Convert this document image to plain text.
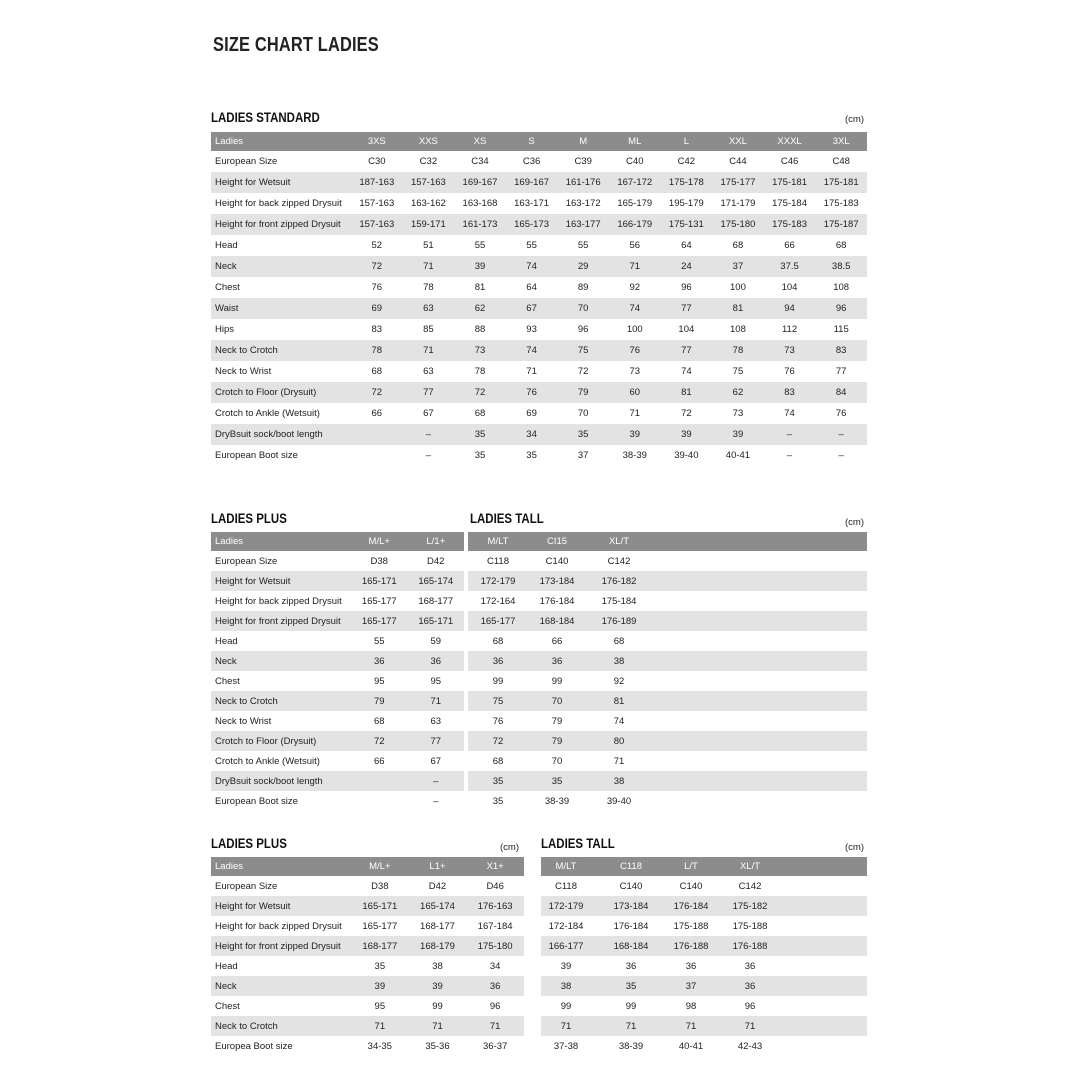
SIZE CHART LADIES
LADIES STANDARD	(cm)
Ladies	3XS	XXS	XS	S	M	ML	L	XXL	XXXL	3XL
European Size	C30	C32	C34	C36	C39	C40	C42	C44	C46	C48
Height for Wetsuit	187-163	157-163	169-167	169-167	161-176	167-172	175-178	175-177	175-181	175-181
Height for back zipped Drysuit	157-163	163-162	163-168	163-171	163-172	165-179	195-179	171-179	175-184	175-183
Height for front zipped Drysuit	157-163	159-171	161-173	165-173	163-177	166-179	175-131	175-180	175-183	175-187
Head	52	51	55	55	55	56	64	68	66	68
Neck	72	71	39	74	29	71	24	37	37.5	38.5
Chest	76	78	81	64	89	92	96	100	104	108
Waist	69	63	62	67	70	74	77	81	94	96
Hips	83	85	88	93	96	100	104	108	112	115
Neck to Crotch	78	71	73	74	75	76	77	78	73	83
Neck to Wrist	68	63	78	71	72	73	74	75	76	77
Crotch to Floor (Drysuit)	72	77	72	76	79	60	81	62	83	84
Crotch to Ankle (Wetsuit)	66	67	68	69	70	71	72	73	74	76
DryBsuit sock/boot length		–	35	34	35	39	39	39	–	–
European Boot size		–	35	35	37	38-39	39-40	40-41	–	–
LADIES PLUS
Ladies	M/L+	L/1+
European Size	D38	D42
Height for Wetsuit	165-171	165-174
Height for back zipped Drysuit	165-177	168-177
Height for front zipped Drysuit	165-177	165-171
Head	55	59
Neck	36	36
Chest	95	95
Neck to Crotch	79	71
Neck to Wrist	68	63
Crotch to Floor (Drysuit)	72	77
Crotch to Ankle (Wetsuit)	66	67
DryBsuit sock/boot length		–
European Boot size		–
LADIES TALL	(cm)
M/LT	CI15	XL/T	
C118	C140	C142	
172-179	173-184	176-182	
172-164	176-184	175-184	
165-177	168-184	176-189	
68	66	68	
36	36	38	
99	99	92	
75	70	81	
76	79	74	
72	79	80	
68	70	71	
35	35	38	
35	38-39	39-40	
LADIES PLUS	(cm)
Ladies	M/L+	L1+	X1+
European Size	D38	D42	D46
Height for Wetsuit	165-171	165-174	176-163
Height for back zipped Drysuit	165-177	168-177	167-184
Height for front zipped Drysuit	168-177	168-179	175-180
Head	35	38	34
Neck	39	39	36
Chest	95	99	96
Neck to Crotch	71	71	71
Europea Boot size	34-35	35-36	36-37
LADIES TALL	(cm)
M/LT	C118	L/T	XL/T	
C118	C140	C140	C142	
172-179	173-184	176-184	175-182	
172-184	176-184	175-188	175-188	
166-177	168-184	176-188	176-188	
39	36	36	36	
38	35	37	36	
99	99	98	96	
71	71	71	71	
37-38	38-39	40-41	42-43	
